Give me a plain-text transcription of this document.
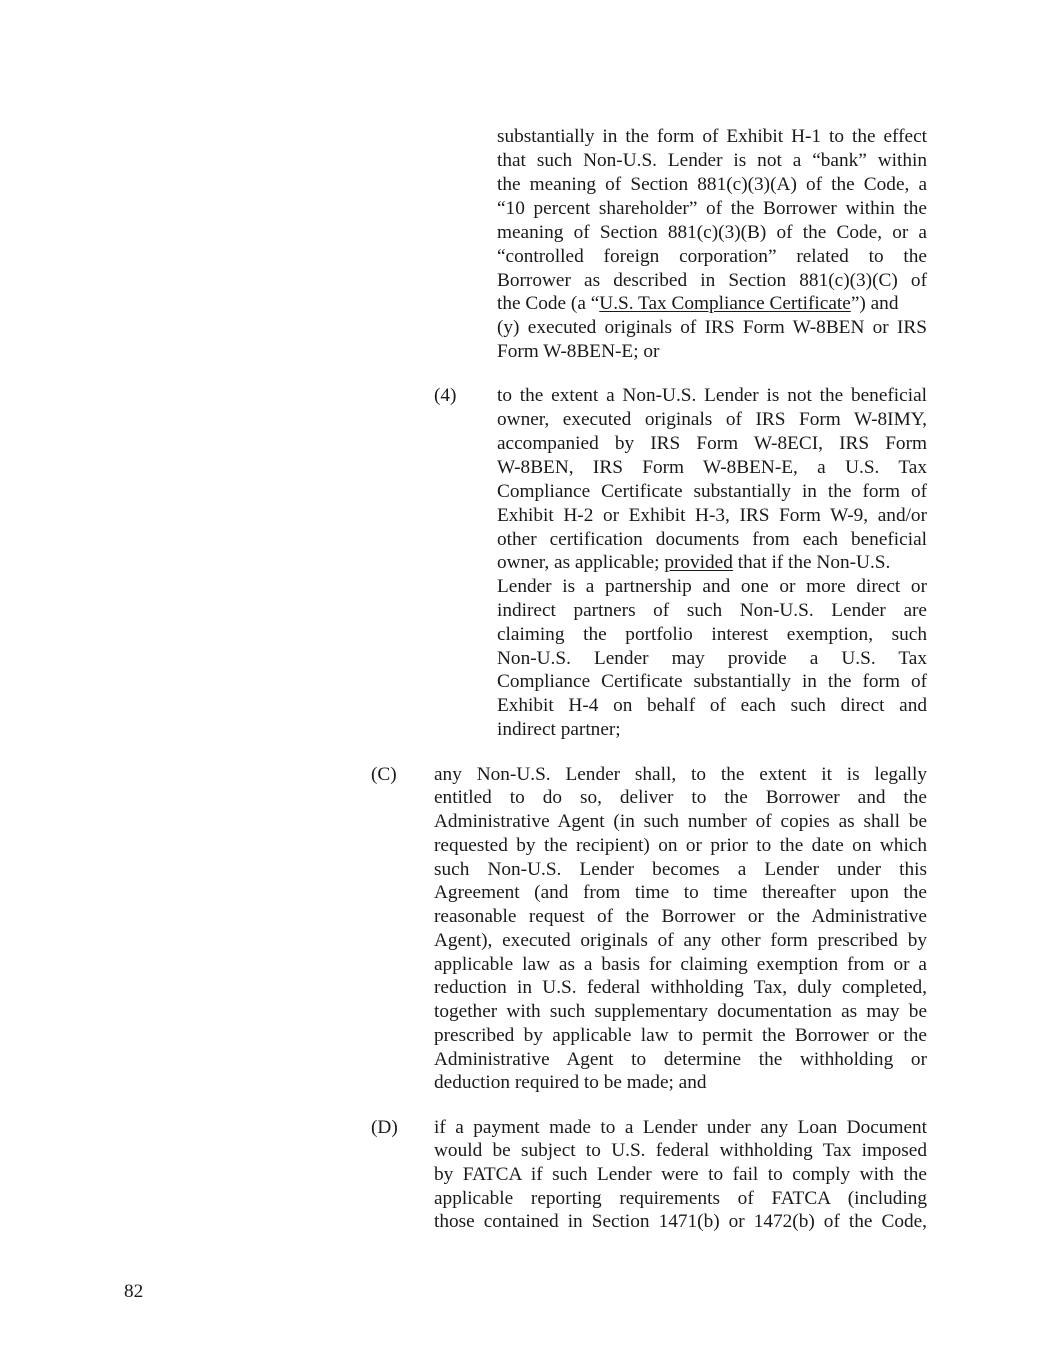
substantially in the form of Exhibit H-1 to the effect
that such Non-U.S. Lender is not a “bank” within
the meaning of Section 881(c)(3)(A) of the Code, a
“10 percent shareholder” of the Borrower within the
meaning of Section 881(c)(3)(B) of the Code, or a
“controlled foreign corporation” related to the
Borrower as described in Section 881(c)(3)(C) of
the Code (a “U.S. Tax Compliance Certificate”) and
(y) executed originals of IRS Form W-8BEN or IRS
Form W-8BEN-E; or
(4) to the extent a Non-U.S. Lender is not the beneficial
owner, executed originals of IRS Form W-8IMY,
accompanied by IRS Form W-8ECI, IRS Form
W-8BEN, IRS Form W-8BEN-E, a U.S. Tax
Compliance Certificate substantially in the form of
Exhibit H-2 or Exhibit H-3, IRS Form W-9, and/or
other certification documents from each beneficial
owner, as applicable; provided that if the Non-U.S.
Lender is a partnership and one or more direct or
indirect partners of such Non-U.S. Lender are
claiming the portfolio interest exemption, such
Non-U.S. Lender may provide a U.S. Tax
Compliance Certificate substantially in the form of
Exhibit H-4 on behalf of each such direct and
indirect partner;
(C) any Non-U.S. Lender shall, to the extent it is legally
entitled to do so, deliver to the Borrower and the
Administrative Agent (in such number of copies as shall be
requested by the recipient) on or prior to the date on which
such Non-U.S. Lender becomes a Lender under this
Agreement (and from time to time thereafter upon the
reasonable request of the Borrower or the Administrative
Agent), executed originals of any other form prescribed by
applicable law as a basis for claiming exemption from or a
reduction in U.S. federal withholding Tax, duly completed,
together with such supplementary documentation as may be
prescribed by applicable law to permit the Borrower or the
Administrative Agent to determine the withholding or
deduction required to be made; and
(D) if a payment made to a Lender under any Loan Document
would be subject to U.S. federal withholding Tax imposed
by FATCA if such Lender were to fail to comply with the
applicable reporting requirements of FATCA (including
those contained in Section 1471(b) or 1472(b) of the Code,
82
